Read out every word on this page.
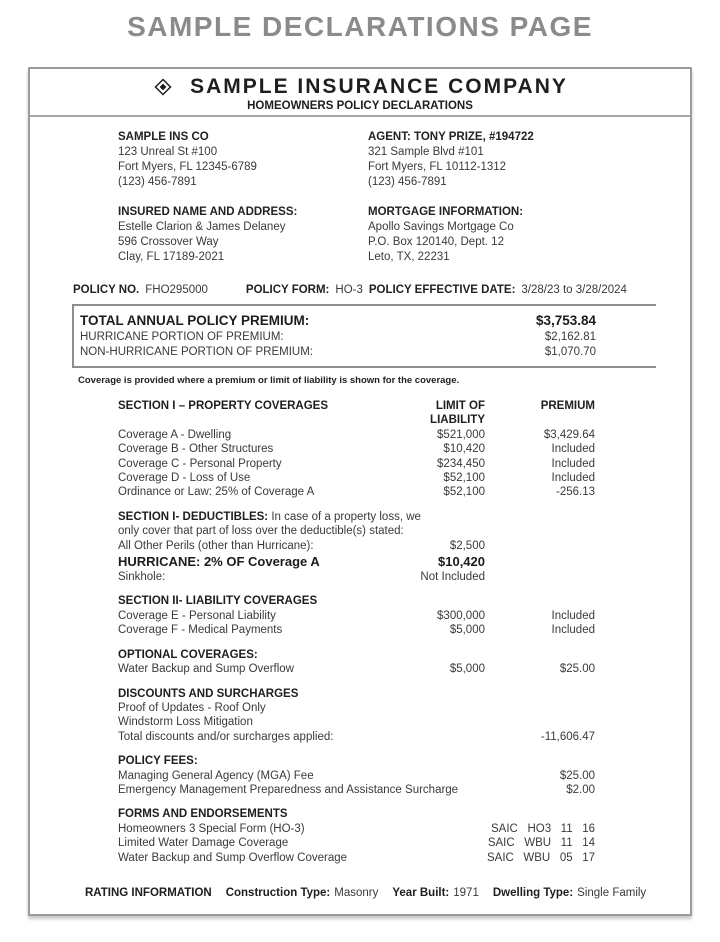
SAMPLE DECLARATIONS PAGE
SAMPLE INSURANCE COMPANY
HOMEOWNERS POLICY DECLARATIONS
SAMPLE INS CO
123 Unreal St #100
Fort Myers, FL 12345-6789
(123) 456-7891
AGENT: TONY PRIZE, #194722
321 Sample Blvd #101
Fort Myers, FL 10112-1312
(123) 456-7891
INSURED NAME AND ADDRESS:
Estelle Clarion & James Delaney
596 Crossover Way
Clay, FL 17189-2021
MORTGAGE INFORMATION:
Apollo Savings Mortgage Co
P.O. Box 120140, Dept. 12
Leto, TX, 22231
POLICY NO. FHO295000	POLICY FORM: HO-3 POLICY EFFECTIVE DATE: 3/28/23 to 3/28/2024
TOTAL ANNUAL POLICY PREMIUM:	$3,753.84
HURRICANE PORTION OF PREMIUM:	$2,162.81
NON-HURRICANE PORTION OF PREMIUM:	$1,070.70
Coverage is provided where a premium or limit of liability is shown for the coverage.
SECTION I – PROPERTY COVERAGES	LIMIT OF LIABILITY
PREMIUM
Coverage A - Dwelling	$521,000	$3,429.64
Coverage B - Other Structures	$10,420	Included
Coverage C - Personal Property	$234,450	Included
Coverage D - Loss of Use	$52,100	Included
Ordinance or Law: 25% of Coverage A	$52,100	-256.13
SECTION I- DEDUCTIBLES: In case of a property loss, we
only cover that part of loss over the deductible(s) stated:
All Other Perils (other than Hurricane):	$2,500
HURRICANE: 2% OF Coverage A	$10,420
Sinkhole:	Not Included
SECTION II- LIABILITY COVERAGES
Coverage E - Personal Liability	$300,000	Included
Coverage F - Medical Payments	$5,000	Included
OPTIONAL COVERAGES:
Water Backup and Sump Overflow	$5,000	$25.00
DISCOUNTS AND SURCHARGES
Proof of Updates - Roof Only
Windstorm Loss Mitigation
Total discounts and/or surcharges applied:	-11,606.47
POLICY FEES:
Managing General Agency (MGA) Fee	$25.00
Emergency Management Preparedness and Assistance Surcharge	$2.00
FORMS AND ENDORSEMENTS
Homeowners 3 Special Form (HO-3)	SAIC   HO3   11   16
Limited Water Damage Coverage	SAIC   WBU   11   14
Water Backup and Sump Overflow Coverage	SAIC   WBU   05   17
RATING INFORMATION Construction Type: Masonry Year Built: 1971 Dwelling Type: Single Family
